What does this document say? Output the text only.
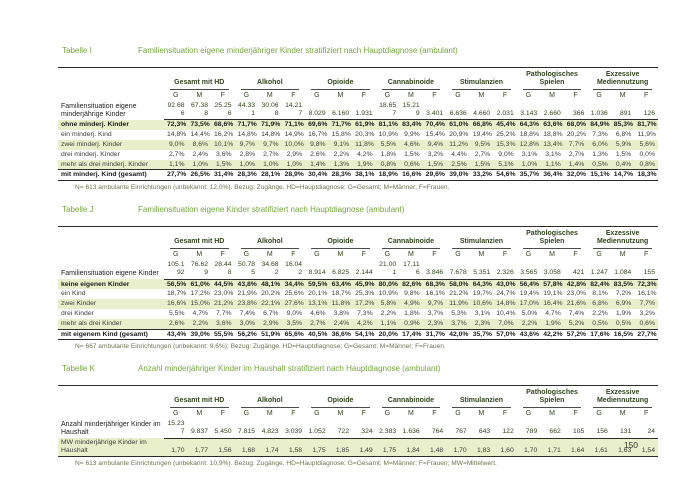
Tabelle I	Familiensituation eigene minderjähriger Kinder stratifiziert nach Hauptdiagnose (ambulant)
Familiensituation eigene minderjährige Kinder	Gesamt mit HD			Alkohol			Opioide			Cannabinoide			Stimulanzien			Pathologisches Spielen			Exzessive Mediennutzung		

	G	M	F	G	M	F	G	M	F	G	M	F	G	M	F	G	M	F	G	M	F
	92.686	67.388	25.256	44.331	30.068	14.217	8.029	6.160	1.931	18.657	15.219	3.401	6.636	4.660	2.031	3.143	2.660	366	1.036	891	126
ohne minderj. Kinder	72,3%	73,5%	68,6%	71,7%	71,9%	71,1%	69,6%	71,7%	61,9%	81,1%	83,4%	70,4%	61,0%	66,8%	45,4%	64,3%	63,6%	68,0%	84,9%	85,3%	81,7%
ein minderj. Kind	14,8%	14,4%	16,2%	14,8%	14,8%	14,9%	16,7%	15,8%	20,3%	10,9%	9,9%	15,4%	20,9%	19,4%	25,2%	18,8%	18,8%	20,2%	7,3%	6,8%	11,9%
zwei minderj. Kinder	9,0%	8,6%	10,1%	9,7%	9,7%	10,0%	9,8%	9,1%	11,8%	5,5%	4,6%	9,4%	11,2%	9,5%	15,3%	12,8%	13,4%	7,7%	6,0%	5,9%	5,6%
drei minderj. Kinder	2,7%	2,4%	3,6%	2,8%	2,7%	2,9%	2,6%	2,2%	4,2%	1,8%	1,5%	3,2%	4,4%	2,7%	9,0%	3,1%	3,1%	2,7%	1,3%	1,5%	0,0%
mehr als drei minderj. Kinder	1,1%	1,0%	1,5%	1,0%	1,0%	1,0%	1,4%	1,3%	1,9%	0,8%	0,6%	1,5%	2,5%	1,5%	5,1%	1,0%	1,1%	1,4%	0,5%	0,4%	0,8%
mit minderj. Kind (gesamt)	27,7%	26,5%	31,4%	28,3%	28,1%	28,9%	30,4%	28,3%	38,1%	18,9%	16,6%	29,6%	39,0%	33,2%	54,6%	35,7%	36,4%	32,0%	15,1%	14,7%	18,3%
N= 613 ambulante Einrichtungen (unbekannt: 12,0%). Bezug: Zugänge. HD=Hauptdiagnose; G=Gesamt; M=Männer; F=Frauen.
Tabelle J	Familiensituation eigene Kinder stratifiziert nach Hauptdiagnose (ambulant)
Familiensituation eigene Kinder	Gesamt mit HD			Alkohol			Opioide			Cannabinoide			Stimulanzien			Pathologisches Spielen			Exzessive Mediennutzung		

	G	M	F	G	M	F	G	M	F	G	M	F	G	M	F	G	M	F	G	M	F
	105.192	76.629	28.448	50.785	34.682	16.042	8.914	6.825	2.144	21.001	17.116	3.846	7.678	5.351	2.326	3.565	3.058	421	1.247	1.084	155
keine eigenen Kinder	56,5%	61,0%	44,5%	43,8%	48,1%	34,4%	59,5%	63,4%	45,9%	80,0%	82,6%	68,3%	58,0%	64,3%	43,0%	56,4%	57,8%	42,8%	82,4%	83,5%	72,3%
ein Kind	18,7%	17,2%	23,0%	21,9%	20,2%	25,6%	20,1%	18,7%	25,3%	10,9%	9,8%	16,1%	21,2%	19,7%	24,7%	19,4%	19,1%	23,0%	8,1%	7,2%	16,1%
zwei Kinder	16,6%	15,0%	21,2%	23,8%	22,1%	27,6%	13,1%	11,8%	17,2%	5,8%	4,9%	9,7%	11,9%	10,6%	14,8%	17,0%	16,4%	21,6%	6,8%	6,9%	7,7%
drei Kinder	5,5%	4,7%	7,7%	7,4%	6,7%	9,0%	4,6%	3,8%	7,3%	2,2%	1,8%	3,7%	5,3%	3,1%	10,4%	5,0%	4,7%	7,4%	2,2%	1,9%	3,2%
mehr als drei Kinder	2,6%	2,2%	3,6%	3,0%	2,9%	3,5%	2,7%	2,4%	4,2%	1,1%	0,9%	2,3%	3,7%	2,3%	7,0%	2,2%	1,9%	5,2%	0,5%	0,5%	0,6%
mit eigenem Kind (gesamt)	43,4%	39,0%	55,5%	56,2%	51,9%	65,6%	40,5%	36,6%	54,1%	20,0%	17,4%	31,7%	42,0%	35,7%	57,0%	43,6%	42,2%	57,2%	17,6%	16,5%	27,7%
N= 667 ambulante Einrichtungen (unbekannt: 9,6%); Bezug: Zugänge. HD=Hauptdiagnose; G=Gesamt; M=Männer; F=Frauen.
Tabelle K	Anzahl minderjähriger Kinder im Haushalt stratifiziert nach Hauptdiagnose (ambulant)
Anzahl minderjähriger Kinder im Haushalt	Gesamt mit HD			Alkohol			Opioide			Cannabinoide			Stimulanzien			Pathologisches Spielen			Exzessive Mediennutzung		

	G	M	F	G	M	F	G	M	F	G	M	F	G	M	F	G	M	F	G	M	F
	15.237	9.837	5.450	7.815	4.823	3.039	1.052	722	324	2.383	1.636	764	767	643	122	789	662	105	156	131	24
MW minderjährige Kinder im Haushalt	1,70	1,77	1,56	1,68	1,74	1,58	1,75	1,85	1,49	1,75	1,84	1,48	1,70	1,83	1,60	1,70	1,71	1,64	1,61	1,63	1,54
N= 613 ambulante Einrichtungen (unbekannt: 10,9%). Bezug: Zugänge. HD=Hauptdiagnose; G=Gesamt; M=Männer; F=Frauen; MW=Mittelwert.
150
